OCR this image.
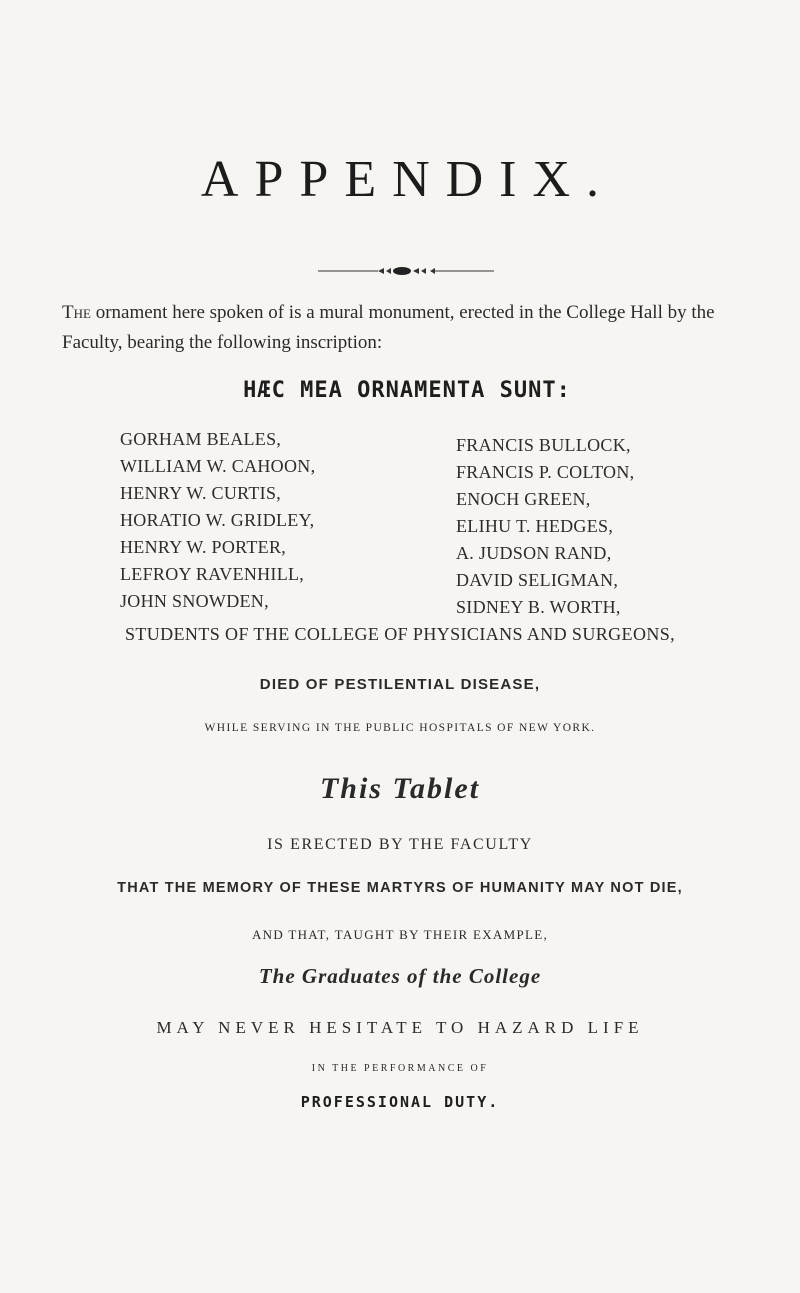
APPENDIX.
The ornament here spoken of is a mural monument, erected in the College Hall by the Faculty, bearing the following inscription:
HÆC MEA ORNAMENTA SUNT:
GORHAM BEALES,
WILLIAM W. CAHOON,
HENRY W. CURTIS,
HORATIO W. GRIDLEY,
HENRY W. PORTER,
LEFROY RAVENHILL,
JOHN SNOWDEN,
FRANCIS BULLOCK,
FRANCIS P. COLTON,
ENOCH GREEN,
ELIHU T. HEDGES,
A. JUDSON RAND,
DAVID SELIGMAN,
SIDNEY B. WORTH,
STUDENTS OF THE COLLEGE OF PHYSICIANS AND SURGEONS,
DIED OF PESTILENTIAL DISEASE,
WHILE SERVING IN THE PUBLIC HOSPITALS OF NEW YORK.
This Tablet
IS ERECTED BY THE FACULTY
THAT THE MEMORY OF THESE MARTYRS OF HUMANITY MAY NOT DIE,
AND THAT, TAUGHT BY THEIR EXAMPLE,
The Graduates of the College
MAY NEVER HESITATE TO HAZARD LIFE
IN THE PERFORMANCE OF
PROFESSIONAL DUTY.
